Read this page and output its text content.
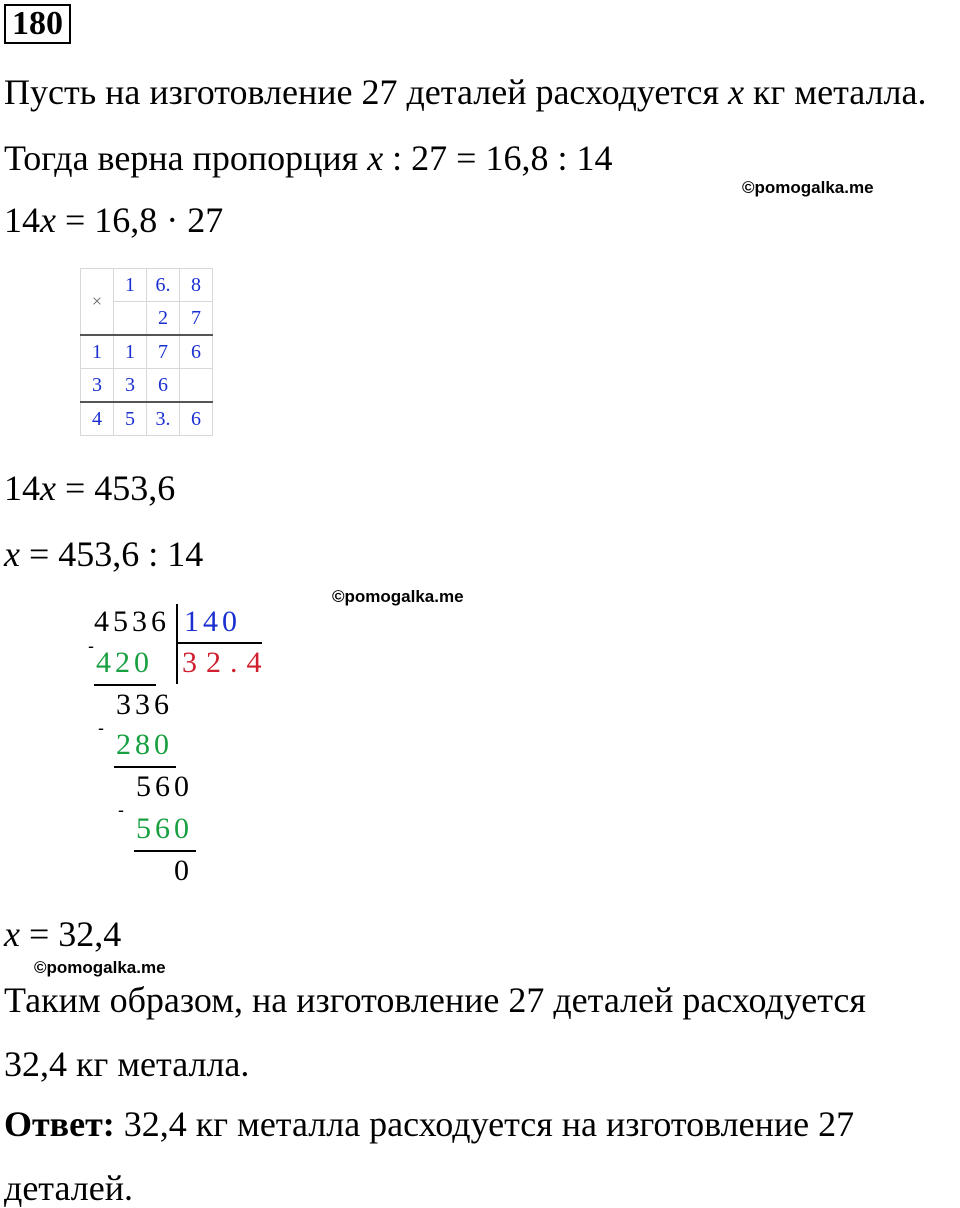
180
Пусть на изготовление 27 деталей расходуется x кг металла.
Тогда верна пропорция x : 27 = 16,8 : 14
©pomogalka.me
14x = 16,8 · 27
×	1	6.	8
		2	7
1	1	7	6
3	3	6	
4	5	3.	6
14x = 453,6
x = 453,6 : 14
©pomogalka.me
4536 140
32.4
- 420
336
- 280
560
-
560
0
x = 32,4
©pomogalka.me
Таким образом, на изготовление 27 деталей расходуется
32,4 кг металла.
Ответ: 32,4 кг металла расходуется на изготовление 27
деталей.
